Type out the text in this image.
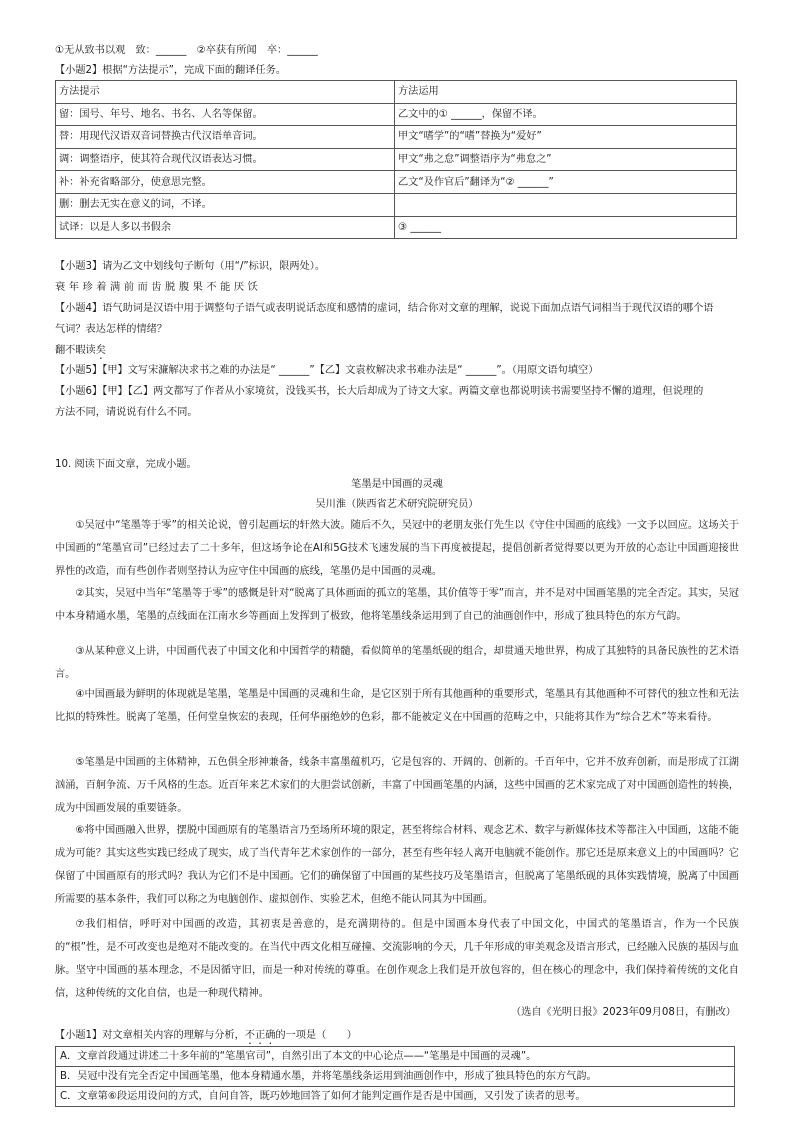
①无从致书以观　致：______　②卒获有所闻　卒：______
【小题2】根据“方法提示”，完成下面的翻译任务。
方法提示	方法运用
留：国号、年号、地名、书名、人名等保留。	乙文中的① ______，保留不译。
替：用现代汉语双音词替换古代汉语单音词。	甲文“嗜学”的“嗜”替换为“爱好”
调：调整语序，使其符合现代汉语表达习惯。	甲文“弗之怠”调整语序为“弗怠之”
补：补充省略部分，使意思完整。	乙文“及作官后”翻译为“② ______”
删：删去无实在意义的词，不译。	
试译：以是人多以书假余	③ ______
【小题3】请为乙文中划线句子断句（用“/”标识，限两处）。
衰年珍着满前而齿脱腹果不能厌饫
【小题4】语气助词是汉语中用于调整句子语气或表明说话态度和感情的虚词，结合你对文章的理解，说说下面加点语气词相当于现代汉语的哪个语
气词？表达怎样的情绪？
翻不暇读矣
【小题5】【甲】文写宋濂解决求书之难的办法是“ ______”【乙】文袁枚解决求书难办法是“ ______”。（用原文语句填空）
【小题6】【甲】【乙】两文都写了作者从小家境贫，没钱买书，长大后却成为了诗文大家。两篇文章也都说明读书需要坚持不懈的道理，但说理的
方法不同，请说说有什么不同。
10. 阅读下面文章，完成小题。
笔墨是中国画的灵魂
吴川淮（陕西省艺术研究院研究员）
①吴冠中“笔墨等于零”的相关论说，曾引起画坛的轩然大波。随后不久，吴冠中的老朋友张仃先生以《守住中国画的底线》一文予以回应。这场关于中国画的“笔墨官司”已经过去了二十多年，但这场争论在AI和5G技术飞速发展的当下再度被提起，提倡创新者觉得要以更为开放的心态让中国画迎接世界性的改造，而有些创作者则坚持认为应守住中国画的底线，笔墨仍是中国画的灵魂。
②其实，吴冠中当年“笔墨等于零”的感慨是针对“脱离了具体画面的孤立的笔墨，其价值等于零”而言，并不是对中国画笔墨的完全否定。其实，吴冠中本身精通水墨，笔墨的点线面在江南水乡等画面上发挥到了极致，他将笔墨线条运用到了自己的油画创作中，形成了独具特色的东方气韵。
③从某种意义上讲，中国画代表了中国文化和中国哲学的精髓，看似简单的笔墨纸砚的组合，却贯通天地世界，构成了其独特的具备民族性的艺术语言。
④中国画最为鲜明的体现就是笔墨，笔墨是中国画的灵魂和生命，是它区别于所有其他画种的重要形式，笔墨具有其他画种不可替代的独立性和无法比拟的特殊性。脱离了笔墨，任何堂皇恢宏的表现，任何华丽绝妙的色彩，都不能被定义在中国画的范畴之中，只能将其作为“综合艺术”等来看待。
⑤笔墨是中国画的主体精神，五色俱全形神兼备，线条丰富墨蕴机巧，它是包容的、开阔的、创新的。千百年中，它并不放弃创新，而是形成了江湖汹涌，百舸争流、万千风格的生态。近百年来艺术家们的大胆尝试创新，丰富了中国画笔墨的内涵，这些中国画的艺术家完成了对中国画创造性的转换，成为中国画发展的重要链条。
⑥将中国画融入世界，摆脱中国画原有的笔墨语言乃至场所环境的限定，甚至将综合材料、观念艺术、数字与新媒体技术等都注入中国画，这能不能成为可能？其实这些实践已经成了现实，成了当代青年艺术家创作的一部分，甚至有些年轻人离开电脑就不能创作。那它还是原来意义上的中国画吗？它保留了中国画原有的形式吗？我认为它们不是中国画。它们的确保留了中国画的某些技巧及笔墨语言，但脱离了笔墨纸砚的具体实践情境，脱离了中国画所需要的基本条件，我们可以称之为电脑创作、虚拟创作、实验艺术，但绝不能认同其为中国画。
⑦我们相信，呼吁对中国画的改造，其初衷是善意的，是充满期待的。但是中国画本身代表了中国文化，中国式的笔墨语言，作为一个民族的“根”性，是不可改变也是绝对不能改变的。在当代中西文化相互碰撞、交流影响的今天，几千年形成的审美观念及语言形式，已经融入民族的基因与血脉。坚守中国画的基本理念，不是因循守旧，而是一种对传统的尊重。在创作观念上我们是开放包容的，但在核心的理念中，我们保持着传统的文化自信，这种传统的文化自信，也是一种现代精神。
（选自《光明日报》2023年09月08日，有删改）
【小题1】对文章相关内容的理解与分析，不正确的一项是（　　）
A．文章首段通过讲述二十多年前的“笔墨官司”，自然引出了本文的中心论点——“笔墨是中国画的灵魂”。
B．吴冠中没有完全否定中国画笔墨，他本身精通水墨，并将笔墨线条运用到油画创作中，形成了独具特色的东方气韵。
C．文章第⑥段运用设问的方式，自问自答，既巧妙地回答了如何才能判定画作是否是中国画，又引发了读者的思考。
